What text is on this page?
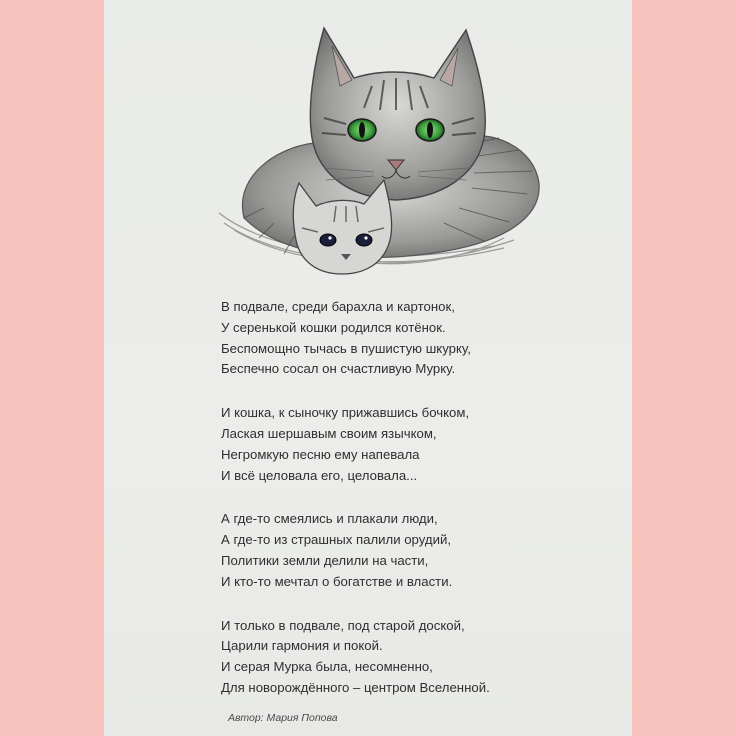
В подвале, среди барахла и картонок,
У серенькой кошки родился котёнок.
Беспомощно тычась в пушистую шкурку,
Беспечно сосал он счастливую Мурку.
И кошка, к сыночку прижавшись бочком,
Лаская шершавым своим язычком,
Негромкую песню ему напевала
И всё целовала его, целовала...
А где-то смеялись и плакали люди,
А где-то из страшных палили орудий,
Политики земли делили на части,
И кто-то мечтал о богатстве и власти.
И только в подвале, под старой доской,
Царили гармония и покой.
И серая Мурка была, несомненно,
Для новорождённого – центром Вселенной.
Автор: Мария Попова
